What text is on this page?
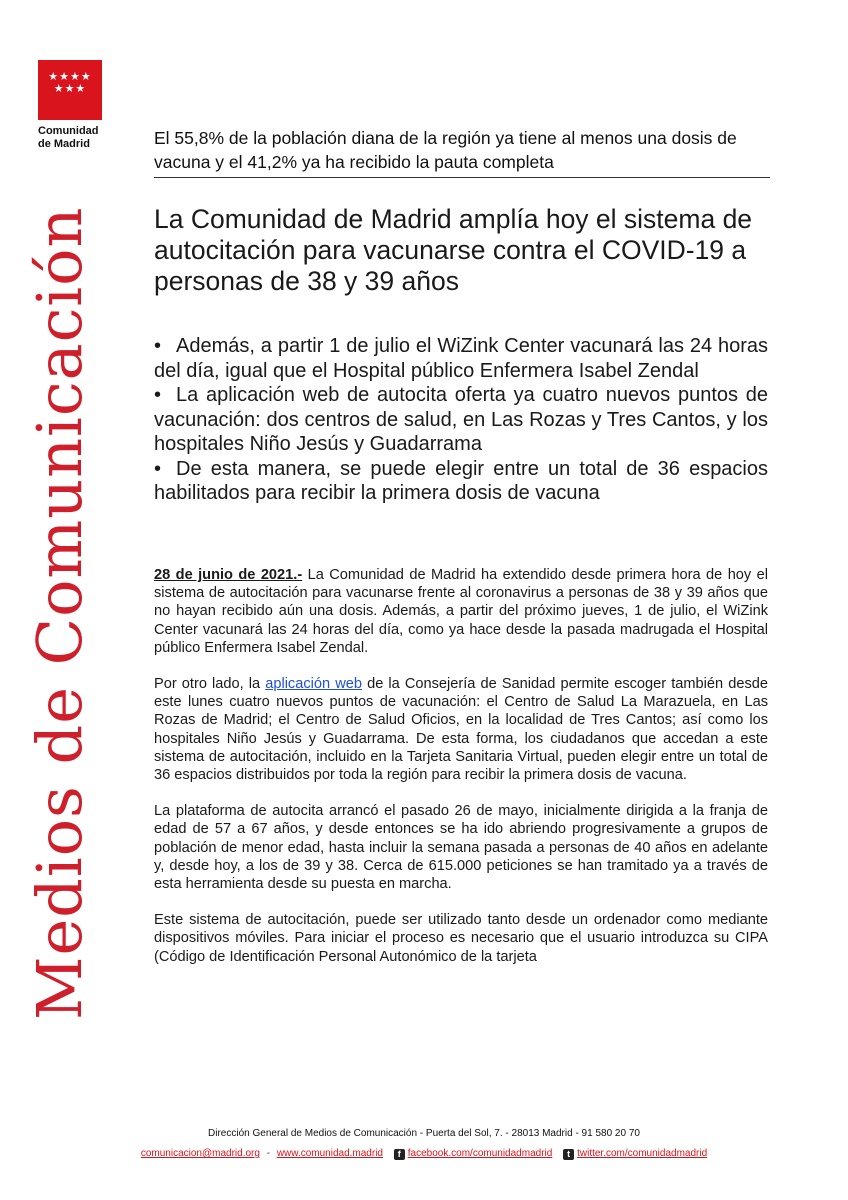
★★★★
★★★
Comunidad
de Madrid
Medios de Comunicación
El 55,8% de la población diana de la región ya tiene al menos una dosis de vacuna y el 41,2% ya ha recibido la pauta completa
La Comunidad de Madrid amplía hoy el sistema de autocitación para vacunarse contra el COVID-19 a personas de 38 y 39 años
• Además, a partir 1 de julio el WiZink Center vacunará las 24 horas del día, igual que el Hospital público Enfermera Isabel Zendal
• La aplicación web de autocita oferta ya cuatro nuevos puntos de vacunación: dos centros de salud, en Las Rozas y Tres Cantos, y los hospitales Niño Jesús y Guadarrama
• De esta manera, se puede elegir entre un total de 36 espacios habilitados para recibir la primera dosis de vacuna

28 de junio de 2021.- La Comunidad de Madrid ha extendido desde primera hora de hoy el sistema de autocitación para vacunarse frente al coronavirus a personas de 38 y 39 años que no hayan recibido aún una dosis. Además, a partir del próximo jueves, 1 de julio, el WiZink Center vacunará las 24 horas del día, como ya hace desde la pasada madrugada el Hospital público Enfermera Isabel Zendal.

Por otro lado, la aplicación web de la Consejería de Sanidad permite escoger también desde este lunes cuatro nuevos puntos de vacunación: el Centro de Salud La Marazuela, en Las Rozas de Madrid; el Centro de Salud Oficios, en la localidad de Tres Cantos; así como los hospitales Niño Jesús y Guadarrama. De esta forma, los ciudadanos que accedan a este sistema de autocitación, incluido en la Tarjeta Sanitaria Virtual, pueden elegir entre un total de 36 espacios distribuidos por toda la región para recibir la primera dosis de vacuna.

La plataforma de autocita arrancó el pasado 26 de mayo, inicialmente dirigida a la franja de edad de 57 a 67 años, y desde entonces se ha ido abriendo progresivamente a grupos de población de menor edad, hasta incluir la semana pasada a personas de 40 años en adelante y, desde hoy, a los de 39 y 38. Cerca de 615.000 peticiones se han tramitado ya a través de esta herramienta desde su puesta en marcha.

Este sistema de autocitación, puede ser utilizado tanto desde un ordenador como mediante dispositivos móviles. Para iniciar el proceso es necesario que el usuario introduzca su CIPA (Código de Identificación Personal Autonómico de la tarjeta

Dirección General de Medios de Comunicación - Puerta del Sol, 7. - 28013 Madrid - 91 580 20 70
comunicacion@madrid.org - www.comunidad.madrid f facebook.com/comunidadmadrid t twitter.com/comunidadmadrid
